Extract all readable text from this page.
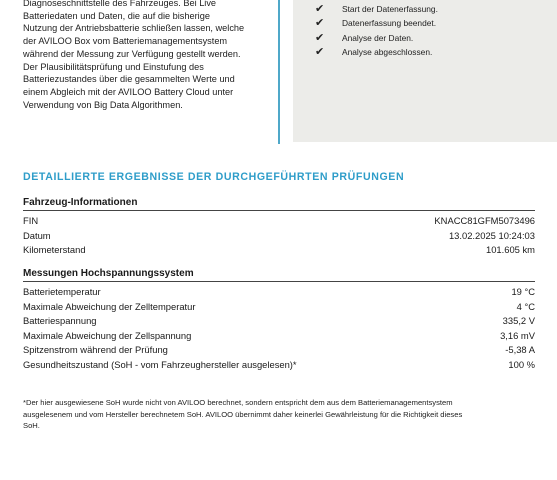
Diagnoseschnittstelle des Fahrzeuges. Bei Live
Batteriedaten und Daten, die auf die bisherige
Nutzung der Antriebsbatterie schließen lassen, welche
der AVILOO Box vom Batteriemanagementsystem
während der Messung zur Verfügung gestellt werden.
Der Plausibilitätsprüfung und Einstufung des
Batteriezustandes über die gesammelten Werte und
einem Abgleich mit der AVILOO Battery Cloud unter
Verwendung von Big Data Algorithmen.
✔ Start der Datenerfassung.
✔ Datenerfassung beendet.
✔ Analyse der Daten.
✔ Analyse abgeschlossen.
DETAILLIERTE ERGEBNISSE DER DURCHGEFÜHRTEN PRÜFUNGEN
Fahrzeug-Informationen
FIN	KNACC81GFM5073496
Datum	13.02.2025 10:24:03
Kilometerstand	101.605 km
Messungen Hochspannungssystem
Batterietemperatur	19 °C
Maximale Abweichung der Zelltemperatur	4 °C
Batteriespannung	335,2 V
Maximale Abweichung der Zellspannung	3,16 mV
Spitzenstrom während der Prüfung	-5,38 A
Gesundheitszustand (SoH - vom Fahrzeughersteller ausgelesen)*	100 %
*Der hier ausgewiesene SoH wurde nicht von AVILOO berechnet, sondern entspricht dem aus dem Batteriemanagementsystem
ausgelesenem und vom Hersteller berechnetem SoH. AVILOO übernimmt daher keinerlei Gewährleistung für die Richtigkeit dieses
SoH.
